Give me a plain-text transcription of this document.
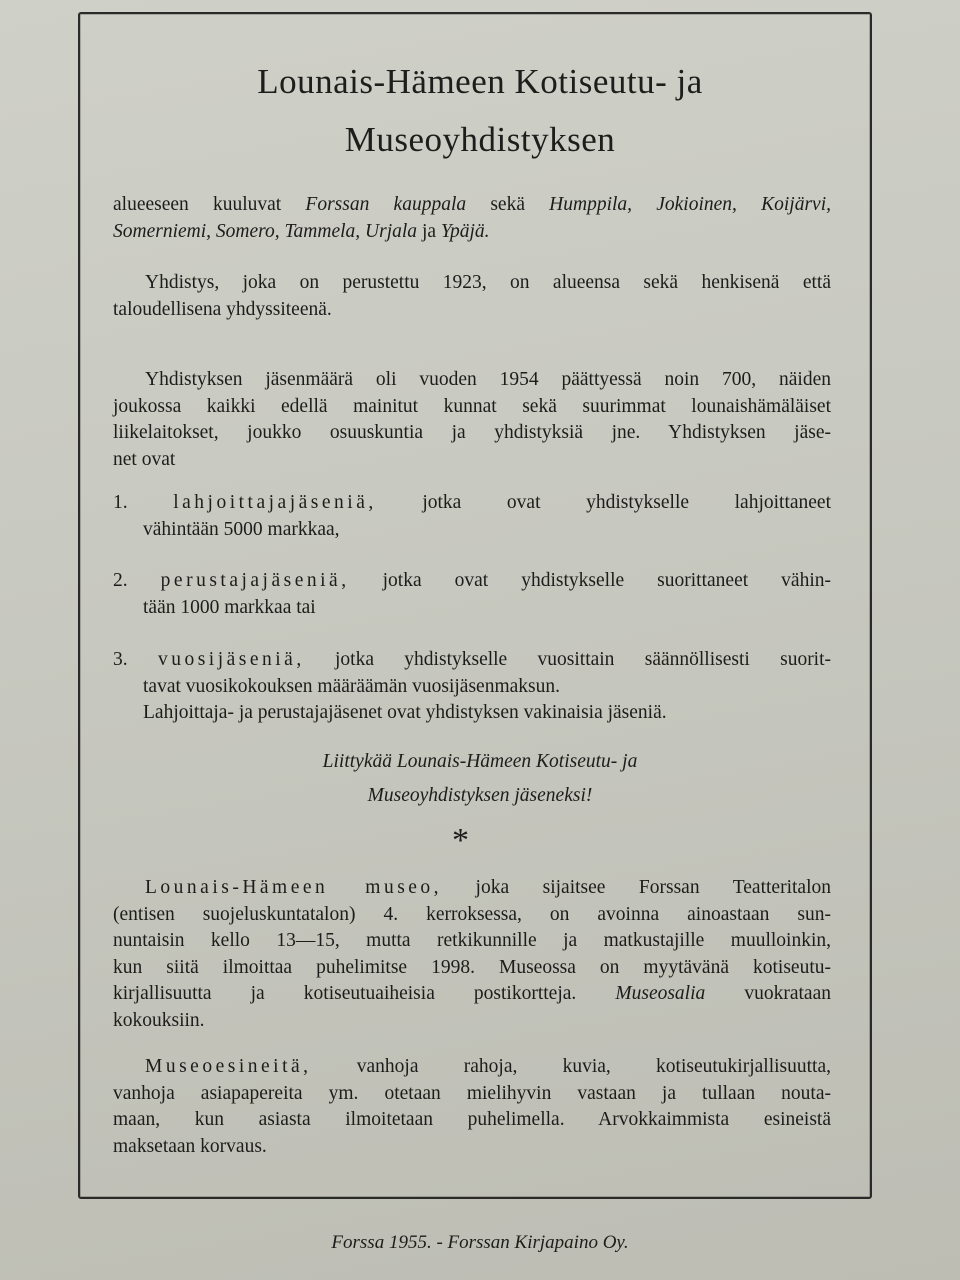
Lounais-Hämeen Kotiseutu- ja
Museoyhdistyksen
alueeseen kuuluvat Forssan kauppala sekä Humppila, Jokioinen, Koijärvi,
Somerniemi, Somero, Tammela, Urjala ja Ypäjä.
Yhdistys, joka on perustettu 1923, on alueensa sekä henkisenä että
taloudellisena yhdyssiteenä.
Yhdistyksen jäsenmäärä oli vuoden 1954 päättyessä noin 700, näiden
joukossa kaikki edellä mainitut kunnat sekä suurimmat lounaishämäläiset
liikelaitokset, joukko osuuskuntia ja yhdistyksiä jne. Yhdistyksen jäse-
net ovat
1. lahjoittajajäseniä, jotka ovat yhdistykselle lahjoittaneet
vähintään 5000 markkaa,
2. perustajajäseniä, jotka ovat yhdistykselle suorittaneet vähin-
tään 1000 markkaa tai
3. vuosijäseniä, jotka yhdistykselle vuosittain säännöllisesti suorit-
tavat vuosikokouksen määräämän vuosijäsenmaksun.
Lahjoittaja- ja perustajajäsenet ovat yhdistyksen vakinaisia jäseniä.
Liittykää Lounais-Hämeen Kotiseutu- ja
Museoyhdistyksen jäseneksi!
*
Lounais-Hämeen museo, joka sijaitsee Forssan Teatteritalon
(entisen suojeluskuntatalon) 4. kerroksessa, on avoinna ainoastaan sun-
nuntaisin kello 13—15, mutta retkikunnille ja matkustajille muulloinkin,
kun siitä ilmoittaa puhelimitse 1998. Museossa on myytävänä kotiseutu-
kirjallisuutta ja kotiseutuaiheisia postikortteja. Museosalia vuokrataan
kokouksiin.
Museoesineitä, vanhoja rahoja, kuvia, kotiseutukirjallisuutta,
vanhoja asiapapereita ym. otetaan mielihyvin vastaan ja tullaan nouta-
maan, kun asiasta ilmoitetaan puhelimella. Arvokkaimmista esineistä
maksetaan korvaus.
Forssa 1955. - Forssan Kirjapaino Oy.
